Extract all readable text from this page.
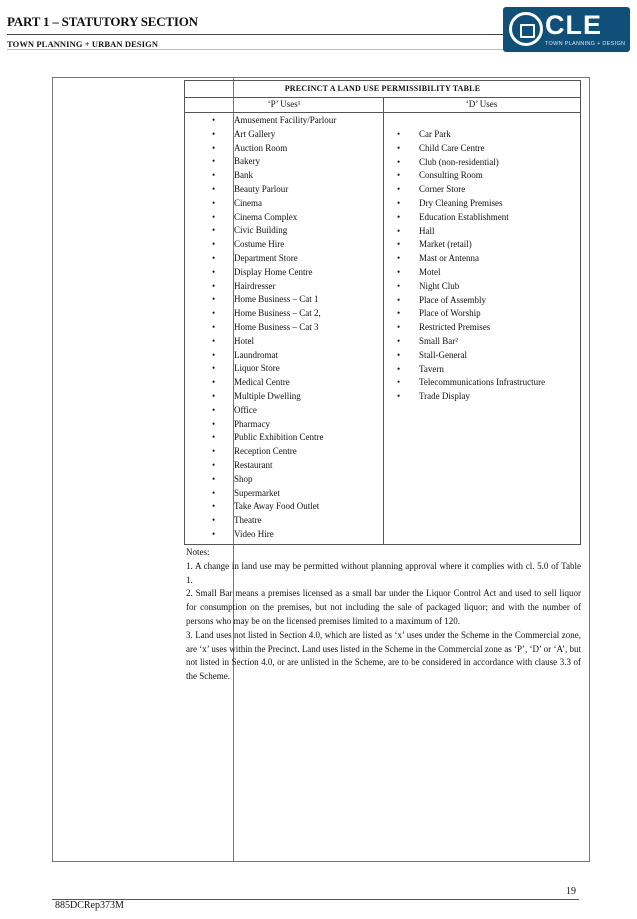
PART 1 – STATUTORY SECTION
TOWN PLANNING + URBAN DESIGN
CLE
TOWN PLANNING + DESIGN
PRECINCT A LAND USE PERMISSIBILITY TABLE
‘P’ Uses¹	‘D’ Uses
• Amusement Facility/Parlour
• Art Gallery
• Auction Room
• Bakery
• Bank
• Beauty Parlour
• Cinema
• Cinema Complex
• Civic Building
• Costume Hire
• Department Store
• Display Home Centre
• Hairdresser
• Home Business – Cat 1
• Home Business – Cat 2,
• Home Business – Cat 3
• Hotel
• Laundromat
• Liquor Store
• Medical Centre
• Multiple Dwelling
• Office
• Pharmacy
• Public Exhibition Centre
• Reception Centre
• Restaurant
• Shop
• Supermarket
• Take Away Food Outlet
• Theatre
• Video Hire
• Car Park
• Child Care Centre
• Club (non-residential)
• Consulting Room
• Corner Store
• Dry Cleaning Premises
• Education Establishment
• Hall
• Market (retail)
• Mast or Antenna
• Motel
• Night Club
• Place of Assembly
• Place of Worship
• Restricted Premises
• Small Bar²
• Stall-General
• Tavern
• Telecommunications Infrastructure
• Trade Display

Notes:

1. A change in land use may be permitted without planning approval where it complies with cl. 5.0 of Table 1.

2. Small Bar means a premises licensed as a small bar under the Liquor Control Act and used to sell liquor for consumption on the premises, but not including the sale of packaged liquor; and with the number of persons who may be on the licensed premises limited to a maximum of 120.

3. Land uses not listed in Section 4.0, which are listed as ‘x’ uses under the Scheme in the Commercial zone, are ‘x’ uses within the Precinct. Land uses listed in the Scheme in the Commercial zone as ‘P’, ‘D’ or ‘A’, but not listed in Section 4.0, or are unlisted in the Scheme, are to be considered in accordance with clause 3.3 of the Scheme.

19
885DCRep373M
